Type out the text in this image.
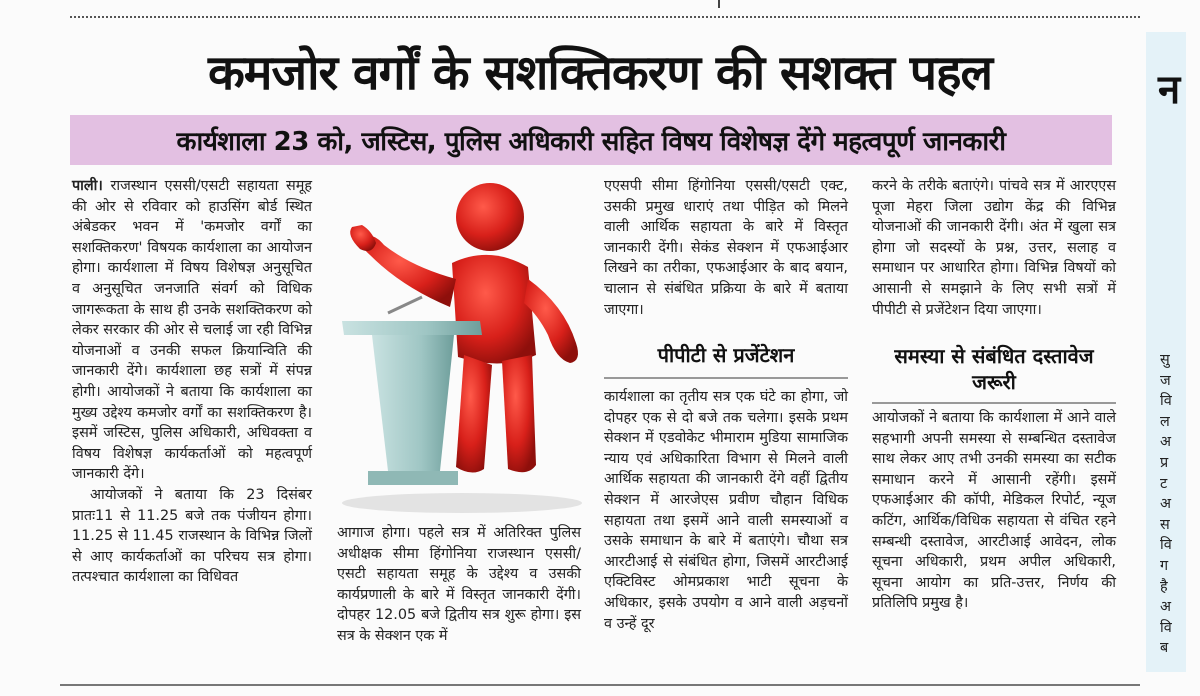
कमजोर वर्गों के सशक्तिकरण की सशक्त पहल
कार्यशाला 23 को, जस्टिस, पुलिस अधिकारी सहित विषय विशेषज्ञ देंगे महत्वपूर्ण जानकारी

पाली। राजस्थान एससी/एसटी सहायता समूह की ओर से रविवार को हाउसिंग बोर्ड स्थित अंबेडकर भवन में 'कमजोर वर्गों का सशक्तिकरण' विषयक कार्यशाला का आयोजन होगा। कार्यशाला में विषय विशेषज्ञ अनुसूचित व अनुसूचित जनजाति संवर्ग को विधिक जागरूकता के साथ ही उनके सशक्तिकरण को लेकर सरकार की ओर से चलाई जा रही विभिन्न योजनाओं व उनकी सफल क्रियान्विति की जानकारी देंगे। कार्यशाला छह सत्रों में संपन्न होगी। आयोजकों ने बताया कि कार्यशाला का मुख्य उद्देश्य कमजोर वर्गों का सशक्तिकरण है। इसमें जस्टिस, पुलिस अधिकारी, अधिवक्ता व विषय विशेषज्ञ कार्यकर्ताओं को महत्वपूर्ण जानकारी देंगे।

आयोजकों ने बताया कि 23 दिसंबर प्रातः11 से 11.25 बजे तक पंजीयन होगा। 11.25 से 11.45 राजस्थान के विभिन्न जिलों से आए कार्यकर्ताओं का परिचय सत्र होगा। तत्पश्चात कार्यशाला का विधिवत

आगाज होगा। पहले सत्र में अतिरिक्त पुलिस अधीक्षक सीमा हिंगोनिया राजस्थान एससी/एसटी सहायता समूह के उद्देश्य व उसकी कार्यप्रणाली के बारे में विस्तृत जानकारी देंगी। दोपहर 12.05 बजे द्वितीय सत्र शुरू होगा। इस सत्र के सेक्शन एक में

एएसपी सीमा हिंगोनिया एससी/एसटी एक्ट, उसकी प्रमुख धाराएं तथा पीड़ित को मिलने वाली आर्थिक सहायता के बारे में विस्तृत जानकारी देंगी। सेकंड सेक्शन में एफआईआर लिखने का तरीका, एफआईआर के बाद बयान, चालान से संबंधित प्रक्रिया के बारे में बताया जाएगा।

पीपीटी से प्रजेंटेशन

कार्यशाला का तृतीय सत्र एक घंटे का होगा, जो दोपहर एक से दो बजे तक चलेगा। इसके प्रथम सेक्शन में एडवोकेट भीमाराम मुडिया सामाजिक न्याय एवं अधिकारिता विभाग से मिलने वाली आर्थिक सहायता की जानकारी देंगे वहीं द्वितीय सेक्शन में आरजेएस प्रवीण चौहान विधिक सहायता तथा इसमें आने वाली समस्याओं व उसके समाधान के बारे में बताएंगे। चौथा सत्र आरटीआई से संबंधित होगा, जिसमें आरटीआई एक्टिविस्ट ओमप्रकाश भाटी सूचना के अधिकार, इसके उपयोग व आने वाली अड़चनों व उन्हें दूर

करने के तरीके बताएंगे। पांचवे सत्र में आरएएस पूजा मेहरा जिला उद्योग केंद्र की विभिन्न योजनाओं की जानकारी देंगी। अंत में खुला सत्र होगा जो सदस्यों के प्रश्न, उत्तर, सलाह व समाधान पर आधारित होगा। विभिन्न विषयों को आसानी से समझाने के लिए सभी सत्रों में पीपीटी से प्रजेंटेशन दिया जाएगा।

समस्या से संबंधित दस्तावेज जरूरी

आयोजकों ने बताया कि कार्यशाला में आने वाले सहभागी अपनी समस्या से सम्बन्धित दस्तावेज साथ लेकर आए तभी उनकी समस्या का सटीक समाधान करने में आसानी रहेंगी। इसमें एफआईआर की कॉपी, मेडिकल रिपोर्ट, न्यूज कटिंग, आर्थिक/विधिक सहायता से वंचित रहने सम्बन्धी दस्तावेज, आरटीआई आवेदन, लोक सूचना अधिकारी, प्रथम अपील अधिकारी, सूचना आयोग का प्रति-उत्तर, निर्णय की प्रतिलिपि प्रमुख है।

न
सु
ज
वि
ल
अ
प्र
ट
अ
स
वि
ग
है
अ
वि
ब
